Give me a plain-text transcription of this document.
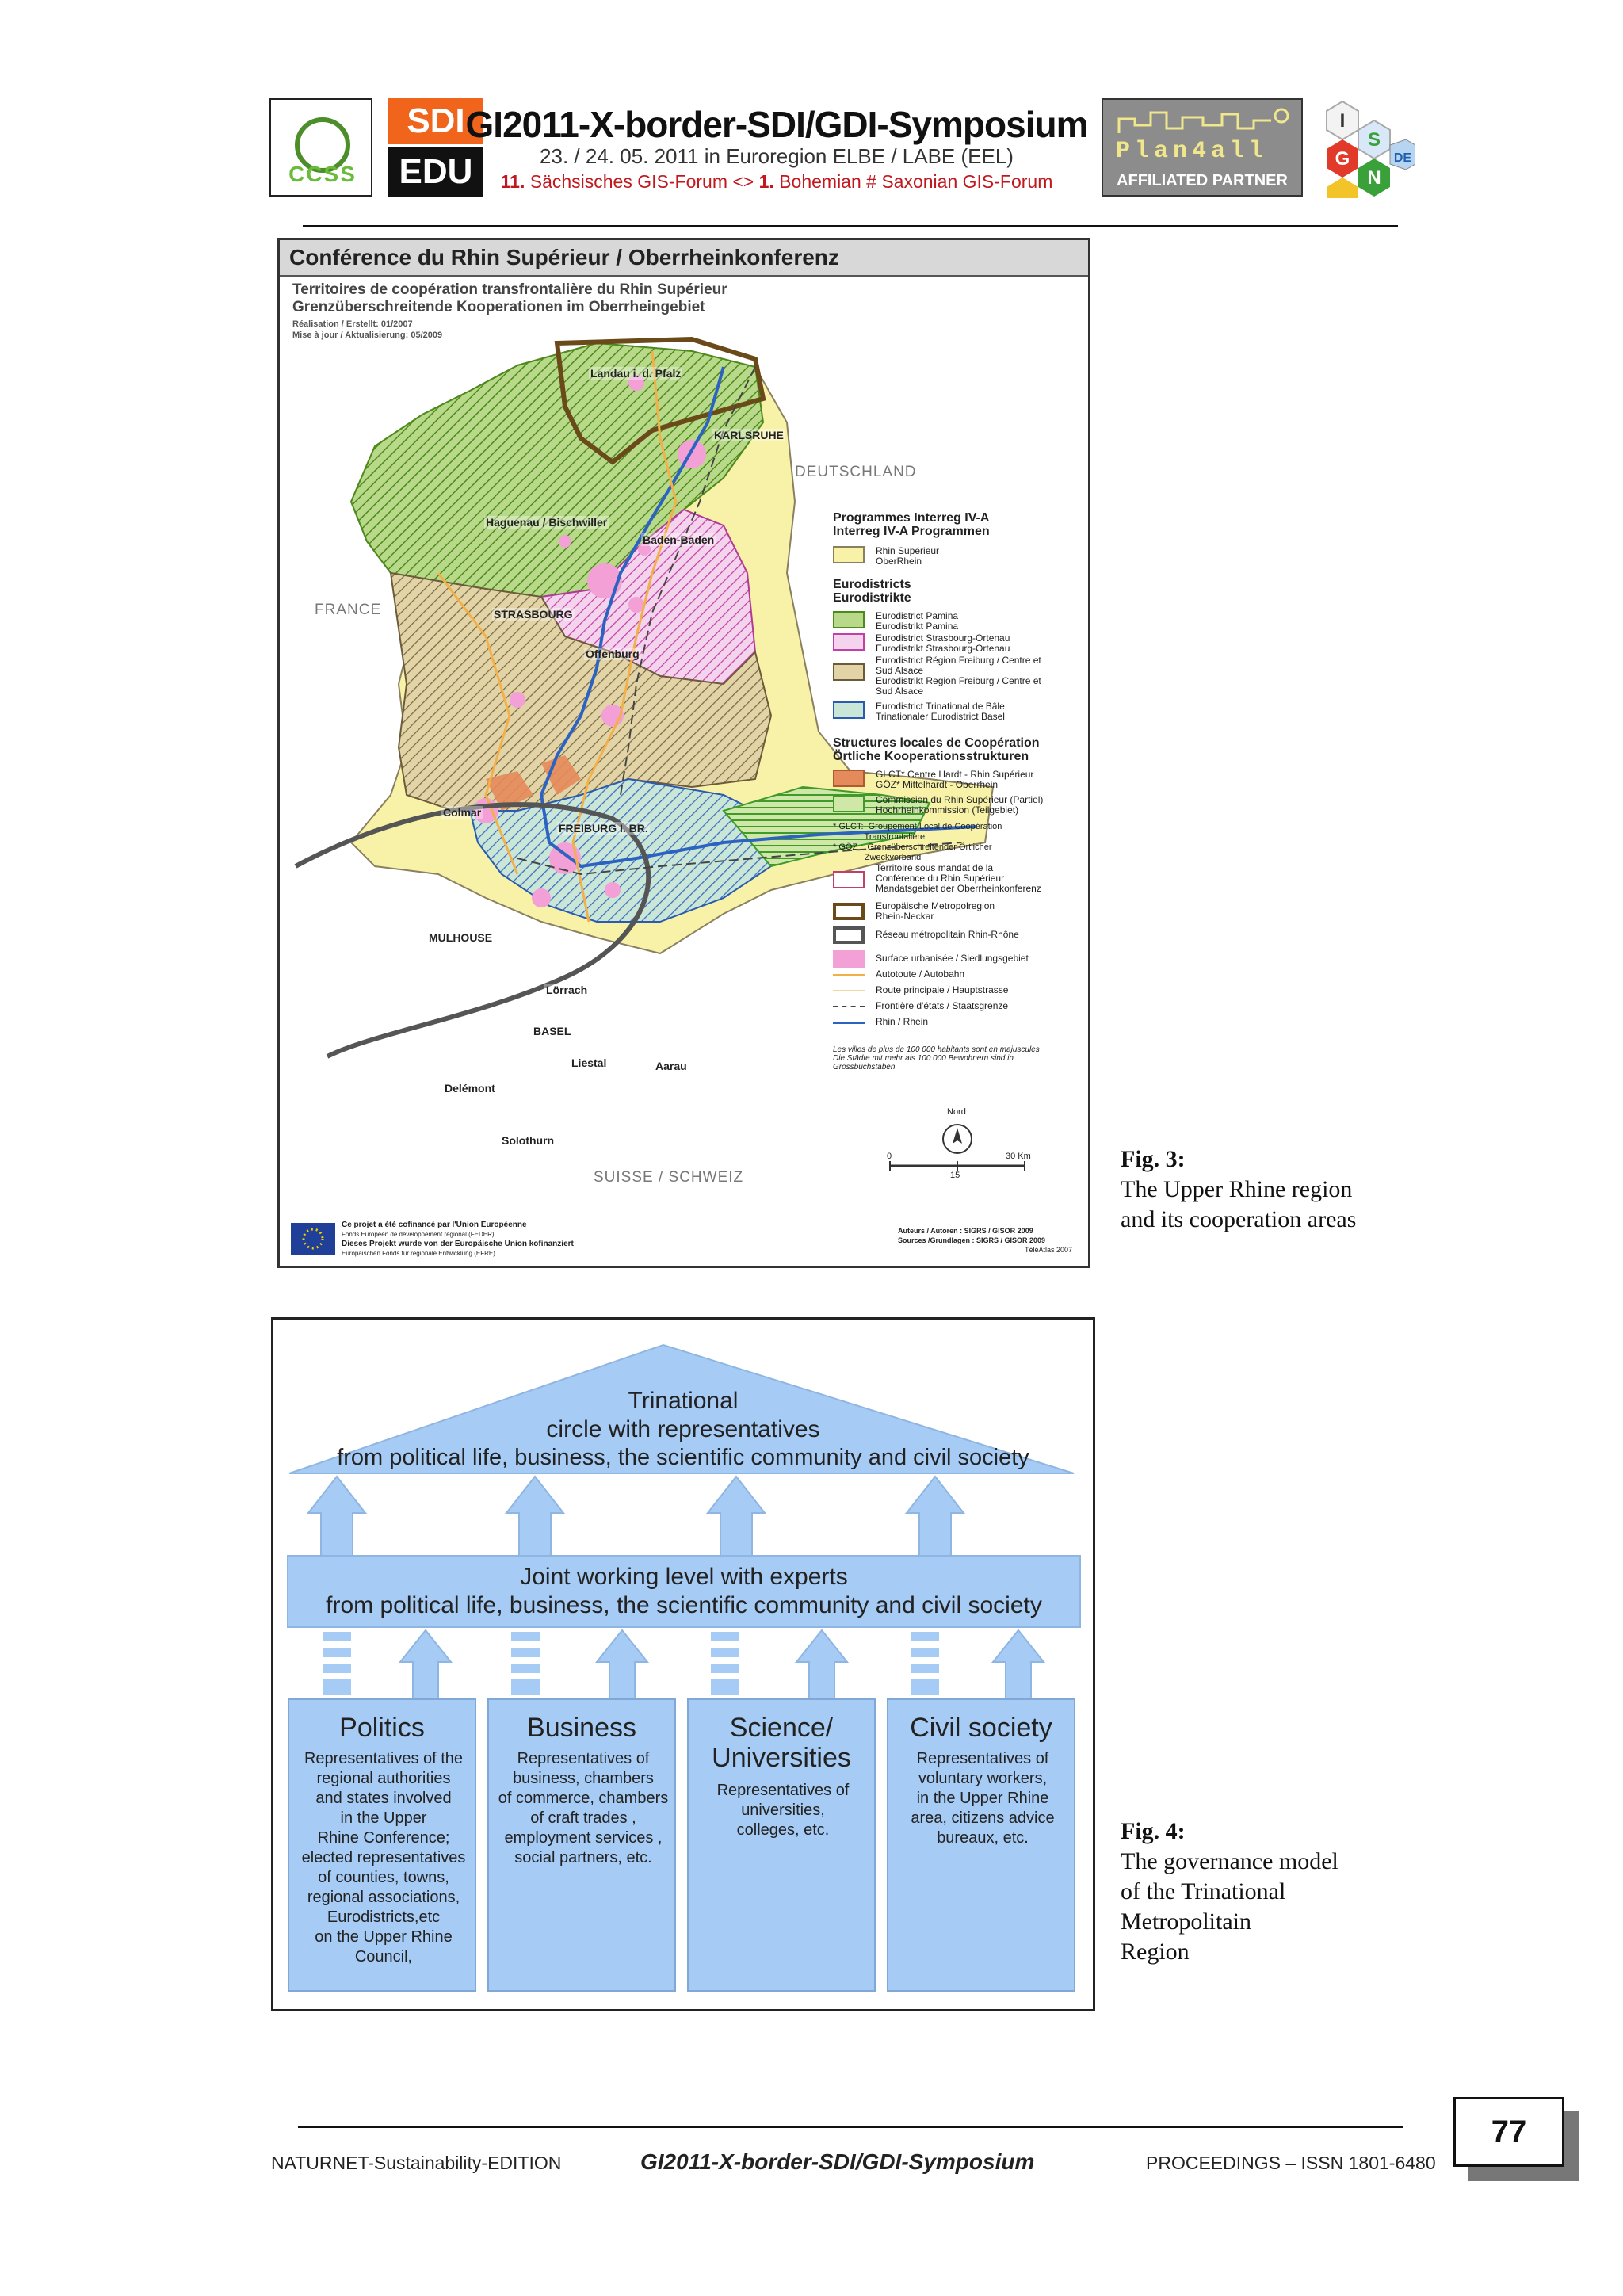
CCSS
SDI
EDU
GI2011-X-border-SDI/GDI-Symposium
23. / 24. 05. 2011 in Euroregion ELBE / LABE (EEL)
11. Sächsisches GIS-Forum <> 1. Bohemian # Saxonian GIS-Forum
Plan4all
AFFILIATED PARTNER
I
G
S
N
DE
Conférence du Rhin Supérieur / Oberrheinkonferenz
Territoires de coopération transfrontalière du Rhin Supérieur
Grenzüberschreitende Kooperationen im Oberrheingebiet
Réalisation / Erstellt: 01/2007
Mise à jour / Aktualisierung: 05/2009
DEUTSCHLAND
FRANCE
SUISSE / SCHWEIZ
Landau i. d. Pfalz
KARLSRUHE
Haguenau / Bischwiller
Baden-Baden
STRASBOURG
Offenburg
Colmar
FREIBURG I. BR.
MULHOUSE
Lörrach
BASEL
Liestal	Aarau
Delémont
Solothurn
Programmes Interreg IV-A
Interreg IV-A Programmen
Rhin Supérieur
OberRhein
Eurodistricts
Eurodistrikte
Eurodistrict Pamina
Eurodistrikt Pamina
Eurodistrict Strasbourg-Ortenau
Eurodistrikt Strasbourg-Ortenau
Eurodistrict Région Freiburg / Centre et
Sud Alsace
Eurodistrikt Region Freiburg / Centre et
Sud Alsace
Eurodistrict Trinational de Bâle
Trinationaler Eurodistrict Basel
Structures locales de Coopération
Örtliche Kooperationsstrukturen
GLCT* Centre Hardt - Rhin Supérieur
GÖZ* Mittelhardt - Oberrhein
Commission du Rhin Supérieur (Partiel)
Hochrheinkommission (Teilgebiet)
* GLCT:  Groupement Local de Coopération
Transfrontalière
* GÖZ :  Grenzüberschreitender Örtlicher
Zweckverband
Territoire sous mandat de la
Conférence du Rhin Supérieur
Mandatsgebiet der Oberrheinkonferenz
Europäische Metropolregion
Rhein-Neckar
Réseau métropolitain Rhin-Rhône
Surface urbanisée / Siedlungsgebiet
Autotoute / Autobahn
Route principale / Hauptstrasse
Frontière d'états / Staatsgrenze
Rhin / Rhein
Les villes de plus de 100 000 habitants sont en majuscules
Die Städte mit mehr als 100 000 Bewohnern sind in
Grossbuchstaben
Nord
0
15
30 Km
Ce projet a été cofinancé par l'Union Européenne
Fonds Européen de développement régional (FEDER)
Dieses Projekt wurde von der Europäische Union kofinanziert
Europäischen Fonds für regionale Entwicklung (EFRE)
Auteurs / Autoren : SIGRS / GISOR 2009
Sources /Grundlagen : SIGRS / GISOR 2009
TéléAtlas 2007
Fig. 3:
The Upper Rhine region
and its cooperation areas
Trinational
circle with representatives
from political life, business, the scientific community and civil society
Joint working level with experts
from political life, business, the scientific community and civil society
Politics
Representatives of the
regional authorities
and states involved
in the Upper
Rhine Conference;
elected representatives
of counties, towns,
regional associations,
Eurodistricts,etc
on the Upper Rhine
Council,
Business
Representatives of
business, chambers
of commerce, chambers
of craft trades ,
employment services ,
social partners, etc.
Science/
Universities
Representatives of
universities,
colleges, etc.
Civil society
Representatives of
voluntary workers,
in the Upper Rhine
area, citizens advice
bureaux, etc.	Fig. 4:
The governance model
of the Trinational
Metropolitain
Region
NATURNET-Sustainability-EDITION	GI2011-X-border-SDI/GDI-Symposium	PROCEEDINGS – ISSN 1801-6480
77
